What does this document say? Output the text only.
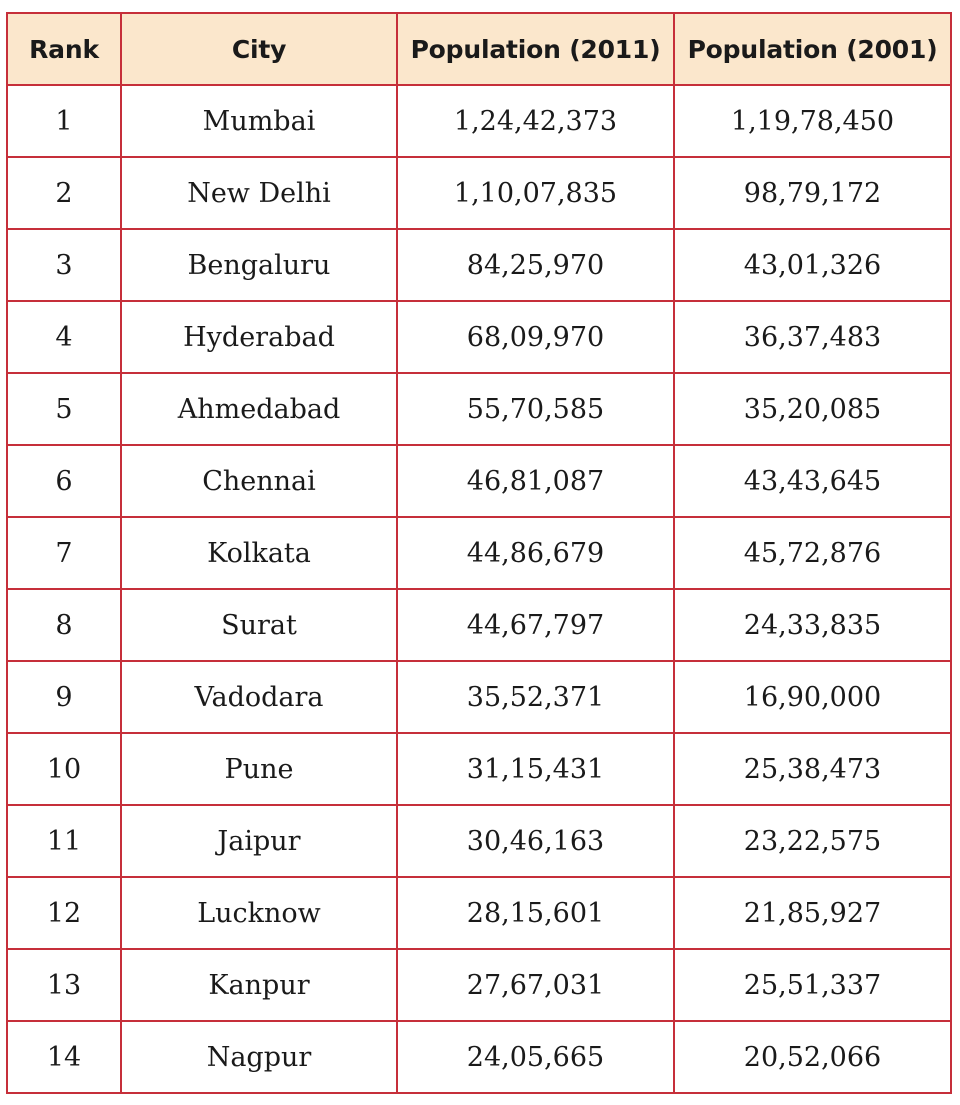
Rank	City	Population (2011)	Population (2001)
1	Mumbai	1,24,42,373	1,19,78,450
2	New Delhi	1,10,07,835	98,79,172
3	Bengaluru	84,25,970	43,01,326
4	Hyderabad	68,09,970	36,37,483
5	Ahmedabad	55,70,585	35,20,085
6	Chennai	46,81,087	43,43,645
7	Kolkata	44,86,679	45,72,876
8	Surat	44,67,797	24,33,835
9	Vadodara	35,52,371	16,90,000
10	Pune	31,15,431	25,38,473
11	Jaipur	30,46,163	23,22,575
12	Lucknow	28,15,601	21,85,927
13	Kanpur	27,67,031	25,51,337
14	Nagpur	24,05,665	20,52,066
